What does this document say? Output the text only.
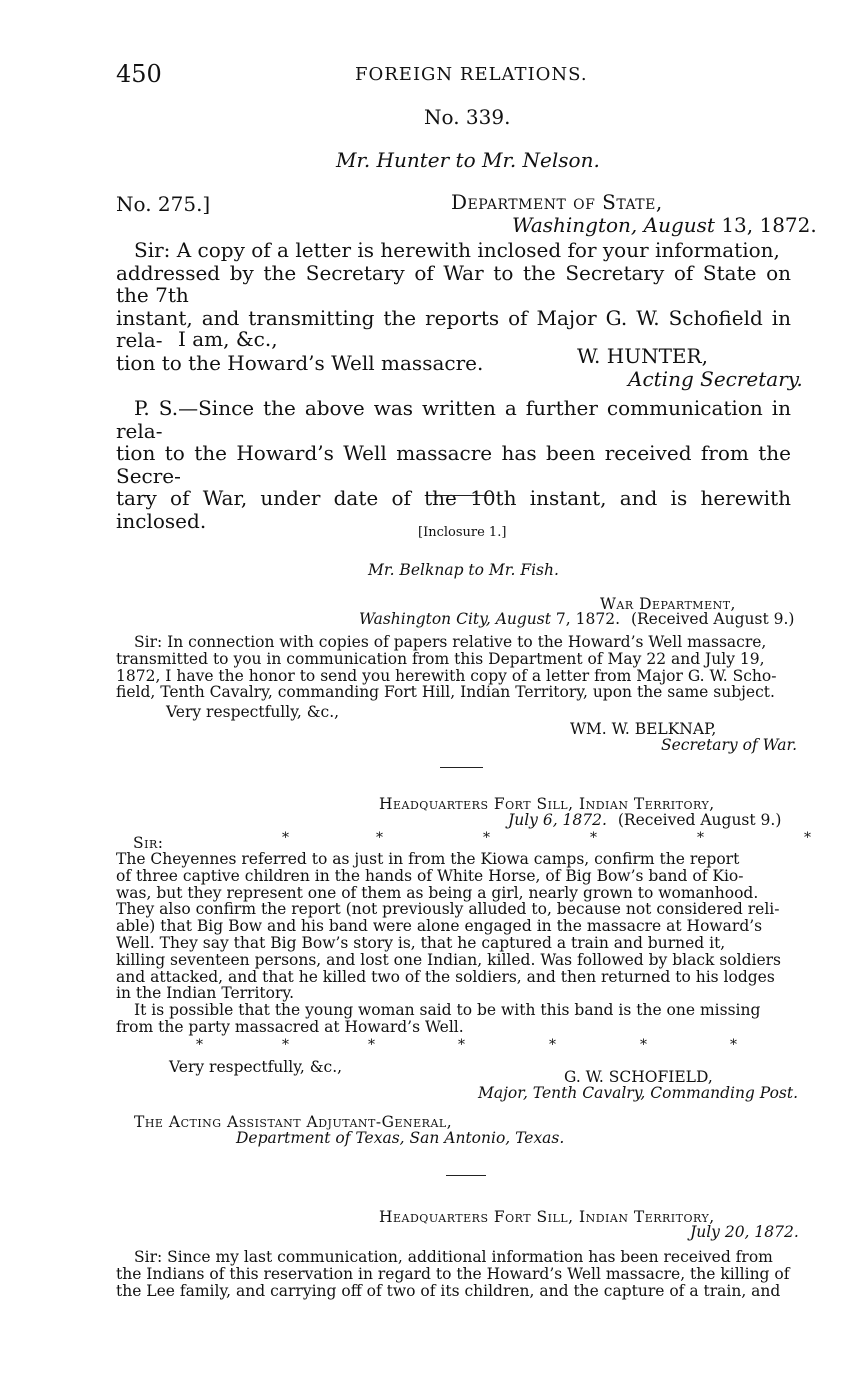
450	FOREIGN RELATIONS.
No. 339.
Mr. Hunter to Mr. Nelson.
No. 275.]	Department of State,
Washington, August 13, 1872.
Sir: A copy of a letter is herewith inclosed for your information,
addressed by the Secretary of War to the Secretary of State on the 7th
instant, and transmitting the reports of Major G. W. Schofield in rela-
tion to the Howard’s Well massacre.
I am, &c.,
W. HUNTER,
Acting Secretary.
P. S.—Since the above was written a further communication in rela-
tion to the Howard’s Well massacre has been received from the Secre-
tary of War, under date of the 10th instant, and is herewith inclosed.	[Inclosure 1.]
Mr. Belknap to Mr. Fish.
War Department,
Washington City, August 7, 1872. (Received August 9.)
Sir: In connection with copies of papers relative to the Howard’s Well massacre,
transmitted to you in communication from this Department of May 22 and July 19,
1872, I have the honor to send you herewith copy of a letter from Major G. W. Scho-
field, Tenth Cavalry, commanding Fort Hill, Indian Territory, upon the same subject.
Very respectfully, &c.,
WM. W. BELKNAP,
Secretary of War.
Headquarters Fort Sill, Indian Territory,
July 6, 1872. (Received August 9.)
Sir:	*	*	*	*	*	*
The Cheyennes referred to as just in from the Kiowa camps, confirm the report
of three captive children in the hands of White Horse, of Big Bow’s band of Kio-
was, but they represent one of them as being a girl, nearly grown to womanhood.
They also confirm the report (not previously alluded to, because not considered reli-
able) that Big Bow and his band were alone engaged in the massacre at Howard’s
Well. They say that Big Bow’s story is, that he captured a train and burned it,
killing seventeen persons, and lost one Indian, killed. Was followed by black soldiers
and attacked, and that he killed two of the soldiers, and then returned to his lodges
in the Indian Territory.
It is possible that the young woman said to be with this band is the one missing
from the party massacred at Howard’s Well.
*	*	*	*	*	*	*
Very respectfully, &c.,
G. W. SCHOFIELD,
Major, Tenth Cavalry, Commanding Post.
The Acting Assistant Adjutant-General,
Department of Texas, San Antonio, Texas.
Headquarters Fort Sill, Indian Territory,
July 20, 1872.
Sir: Since my last communication, additional information has been received from
the Indians of this reservation in regard to the Howard’s Well massacre, the killing of
the Lee family, and carrying off of two of its children, and the capture of a train, and
